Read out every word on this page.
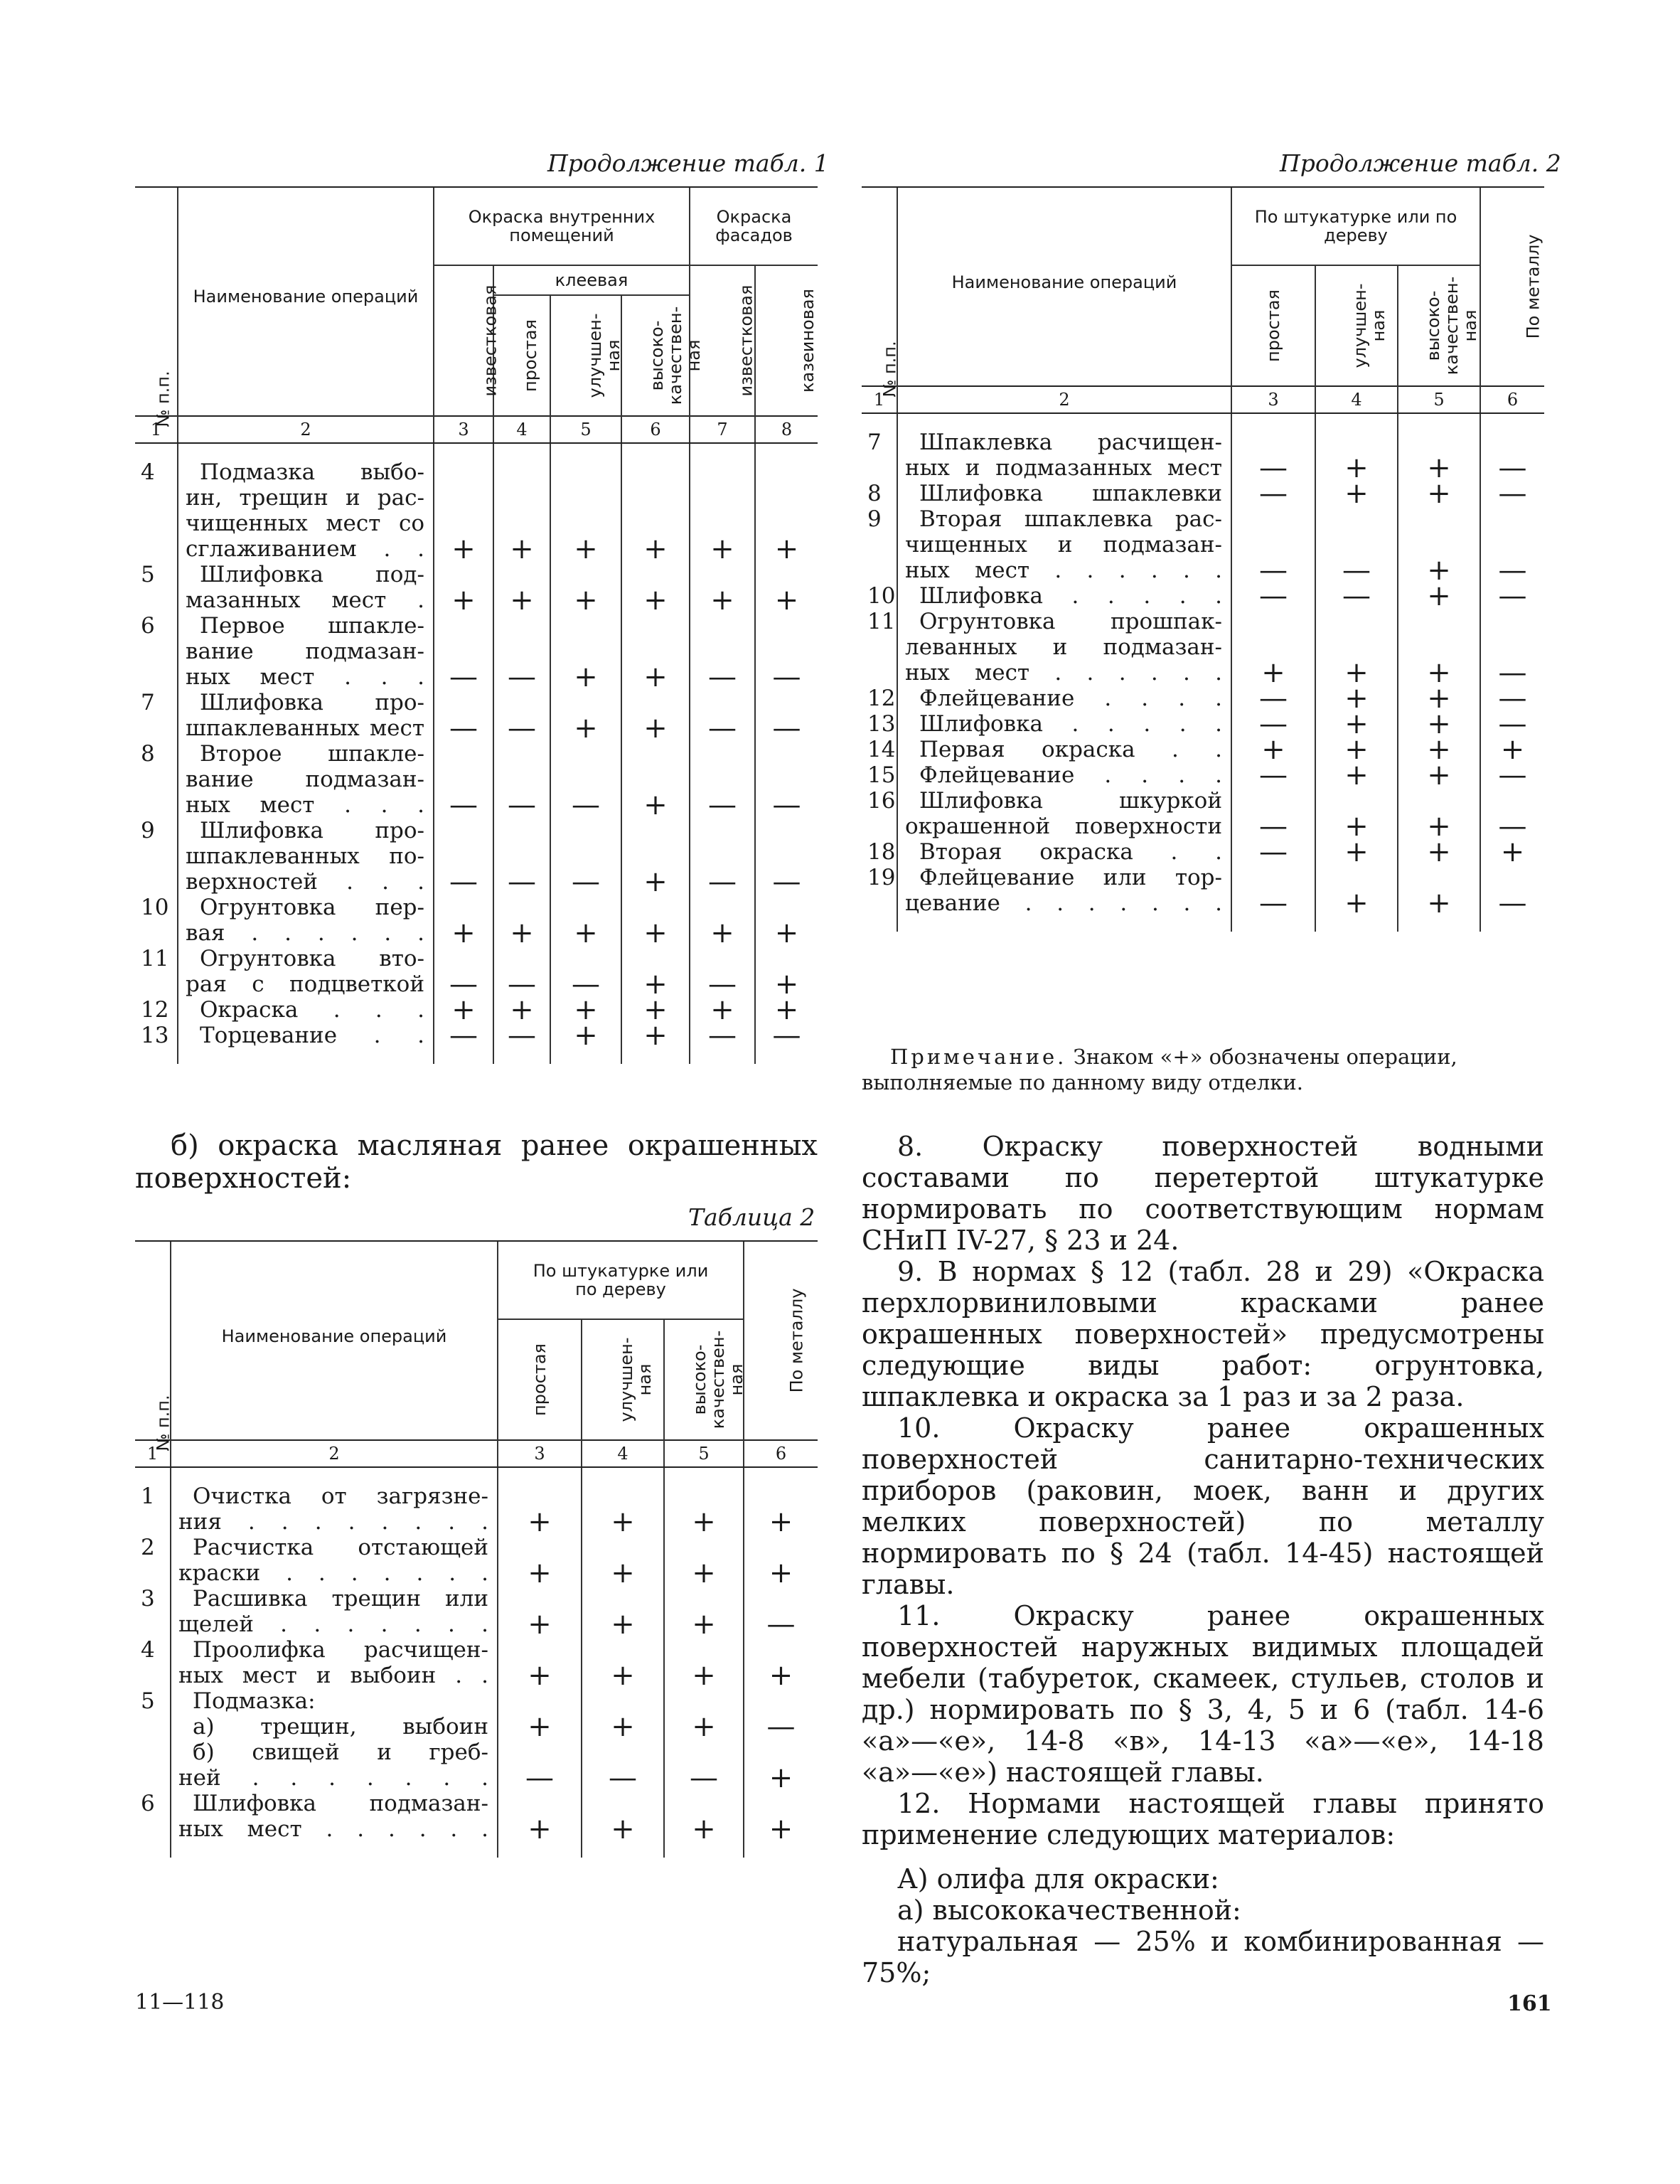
Продолжение табл. 1
№ п.п.	Наименование операций	Окраска внутренних помещений				Окраска фасадов	
		известковая	клеевая			известковая	казеиновая
			простая	улучшен-ная	высоко-качествен-ная		
1	2	3	4	5	6	7	8

4	Подмазка выбо-
ин, трещин и рас-
чищенных мест со
сглаживанием . .	+	+	+	+	+	+
5	Шлифовка под-
мазанных мест .	+	+	+	+	+	+
6	Первое шпакле-
вание подмазан-
ных мест . . .	—	—	+	+	—	—
7	Шлифовка про-
шпаклеванных мест	—	—	+	+	—	—
8	Второе шпакле-
вание подмазан-
ных мест . . .	—	—	—	+	—	—
9	Шлифовка про-
шпаклеванных по-
верхностей . . .	—	—	—	+	—	—
10	Огрунтовка пер-
вая . . . . . .	+	+	+	+	+	+
11	Огрунтовка вто-
рая с подцветкой	—	—	—	+	—	+
12	Окраска . . .	+	+	+	+	+	+
13	Торцевание . .	—	—	+	+	—	—

б) окраска масляная ранее окрашенных поверхностей:
Таблица 2
№ п.п.	Наименование операций	По штукатурке или по дереву			По металлу
		простая	улучшен-ная	высоко-качествен-ная	
1	2	3	4	5	6

1	Очистка от загрязне-
ния . . . . . . . .	+	+	+	+
2	Расчистка отстающей
краски . . . . . . .	+	+	+	+
3	Расшивка трещин или
щелей . . . . . . .	+	+	+	—
4	Проолифка расчищен-
ных мест и выбоин . .	+	+	+	+
5	Подмазка:				

	а) трещин, выбоин	+	+	+	—

	б) свищей и греб-
ней . . . . . . .	—	—	—	+
6	Шлифовка подмазан-
ных мест . . . . . .	+	+	+	+

11—118
Продолжение табл. 2
№ п.п.	Наименование операций	По штукатурке или по дереву			По металлу
		простая	улучшен-ная	высоко-качествен-ная	
1	2	3	4	5	6

7	Шпаклевка расчищен-
ных и подмазанных мест	—	+	+	—
8	Шлифовка шпаклевки	—	+	+	—
9	Вторая шпаклевка рас-
чищенных и подмазан-
ных мест . . . . . .	—	—	+	—
10	Шлифовка . . . . .	—	—	+	—
11	Огрунтовка прошпак-
леванных и подмазан-
ных мест . . . . . .	+	+	+	—
12	Флейцевание . . . .	—	+	+	—
13	Шлифовка . . . . .	—	+	+	—
14	Первая окраска . .	+	+	+	+
15	Флейцевание . . . .	—	+	+	—
16	Шлифовка шкуркой
окрашенной поверхности	—	+	+	—
18	Вторая окраска . .	—	+	+	+
19	Флейцевание или тор-
цевание . . . . . . .	—	+	+	—

Примечание. Знаком «+» обозначены операции, выполняемые по данному виду отделки.
8. Окраску поверхностей водными составами по перетертой штукатурке нормировать по соответствующим нормам СНиП IV-27, § 23 и 24.
9. В нормах § 12 (табл. 28 и 29) «Окраска перхлорвиниловыми красками ранее окрашенных поверхностей» предусмотрены следующие виды работ: огрунтовка, шпаклевка и окраска за 1 раз и за 2 раза.
10. Окраску ранее окрашенных поверхностей санитарно-технических приборов (раковин, моек, ванн и других мелких поверхностей) по металлу нормировать по § 24 (табл. 14-45) настоящей главы.
11. Окраску ранее окрашенных поверхностей наружных видимых площадей мебели (табуреток, скамеек, стульев, столов и др.) нормировать по § 3, 4, 5 и 6 (табл. 14-6 «а»—«е», 14-8 «в», 14-13 «а»—«е», 14-18 «а»—«е») настоящей главы.
12. Нормами настоящей главы принято применение следующих материалов:
А) олифа для окраски:
а) высококачественной:
натуральная — 25% и комбинированная — 75%;
161
